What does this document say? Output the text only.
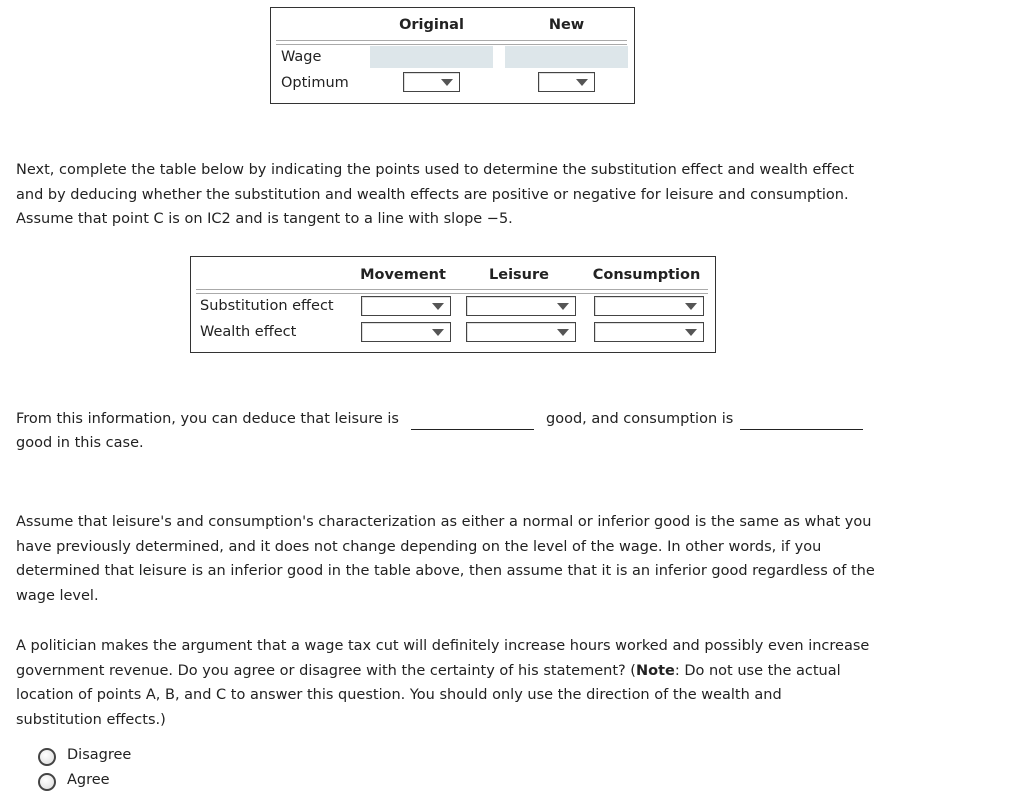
Original	New
Wage
Optimum
Next, complete the table below by indicating the points used to determine the substitution effect and wealth effect
and by deducing whether the substitution and wealth effects are positive or negative for leisure and consumption.
Assume that point C is on IC2 and is tangent to a line with slope −5.
Movement	Leisure	Consumption
Substitution effect
Wealth effect
From this information, you can deduce that leisure is	good, and consumption is
good in this case.
Assume that leisure's and consumption's characterization as either a normal or inferior good is the same as what you
have previously determined, and it does not change depending on the level of the wage. In other words, if you
determined that leisure is an inferior good in the table above, then assume that it is an inferior good regardless of the
wage level.
A politician makes the argument that a wage tax cut will definitely increase hours worked and possibly even increase
government revenue. Do you agree or disagree with the certainty of his statement? (Note: Do not use the actual
location of points A, B, and C to answer this question. You should only use the direction of the wealth and
substitution effects.)
Disagree
Agree
